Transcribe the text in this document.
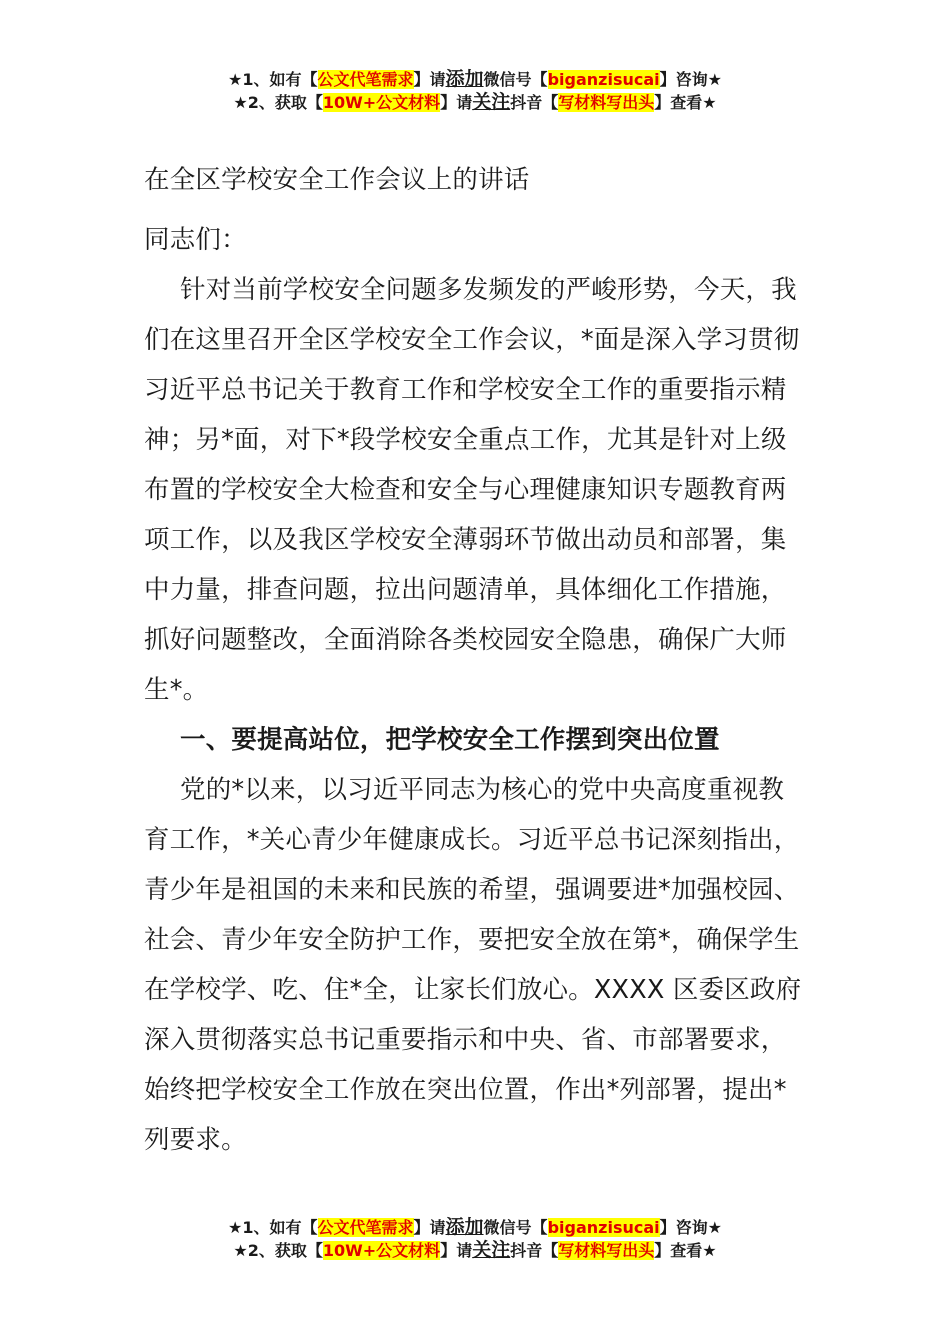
★1、如有【公文代笔需求】请添加微信号【biganzisucai】咨询★
★2、获取【10W+公文材料】请关注抖音【写材料写出头】查看★

在全区学校安全工作会议上的讲话

同志们：

针对当前学校安全问题多发频发的严峻形势，今天，我们在这里召开全区学校安全工作会议，*面是深入学习贯彻习近平总书记关于教育工作和学校安全工作的重要指示精神；另*面，对下*段学校安全重点工作，尤其是针对上级布置的学校安全大检查和安全与心理健康知识专题教育两项工作，以及我区学校安全薄弱环节做出动员和部署，集中力量，排查问题，拉出问题清单，具体细化工作措施，抓好问题整改，全面消除各类校园安全隐患，确保广大师生*。

一、要提高站位，把学校安全工作摆到突出位置

党的*以来，以习近平同志为核心的党中央高度重视教育工作，*关心青少年健康成长。习近平总书记深刻指出，青少年是祖国的未来和民族的希望，强调要进*加强校园、社会、青少年安全防护工作，要把安全放在第*，确保学生在学校学、吃、住*全，让家长们放心。XXXX 区委区政府深入贯彻落实总书记重要指示和中央、省、市部署要求，始终把学校安全工作放在突出位置，作出*列部署，提出*列要求。

★1、如有【公文代笔需求】请添加微信号【biganzisucai】咨询★
★2、获取【10W+公文材料】请关注抖音【写材料写出头】查看★
